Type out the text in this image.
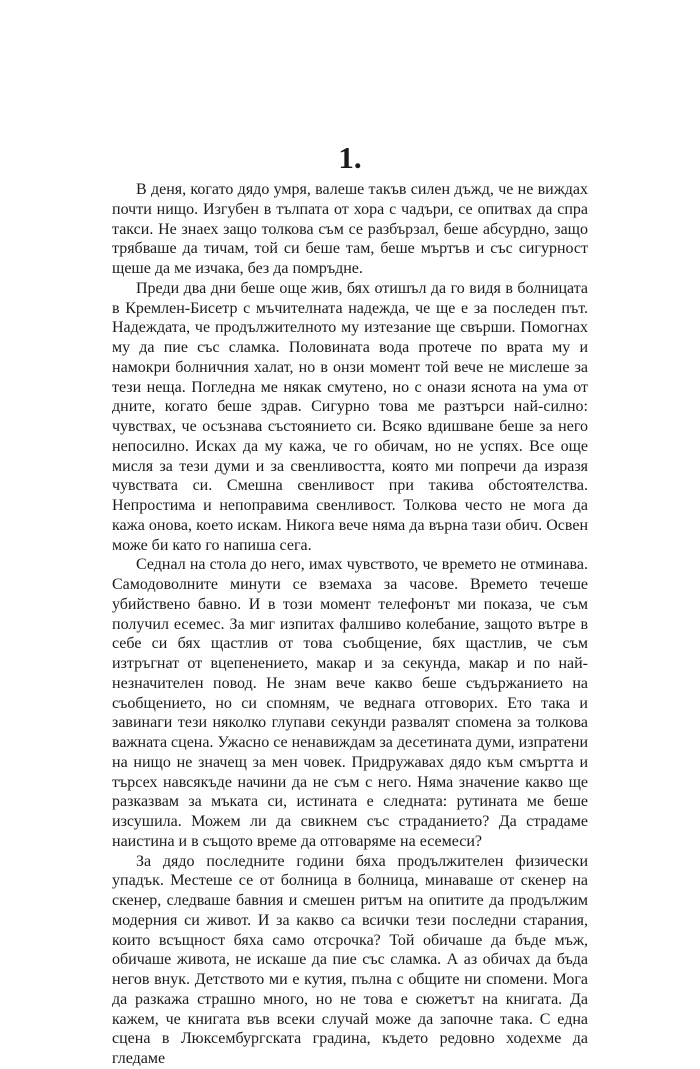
1.

В деня, когато дядо умря, валеше такъв силен дъжд, че не виждах почти нищо. Изгубен в тълпата от хора с чадъри, се опитвах да спра такси. Не знаех защо толкова съм се разбързал, беше абсурдно, защо трябваше да тичам, той си беше там, беше мъртъв и със сигурност щеше да ме изчака, без да помръдне.

Преди два дни беше още жив, бях отишъл да го видя в болницата в Кремлен-Бисетр с мъчителната надежда, че ще е за последен път. Надеждата, че продължителното му изтезание ще свърши. Помогнах му да пие със сламка. Половината вода протече по врата му и намокри болничния халат, но в онзи момент той вече не мислеше за тези неща. Погледна ме някак смутено, но с онази яснота на ума от дните, когато беше здрав. Сигурно това ме разтърси най-силно: чувствах, че осъзнава състоянието си. Всяко вдишване беше за него непосилно. Исках да му кажа, че го обичам, но не успях. Все още мисля за тези думи и за свенливостта, която ми попречи да изразя чувствата си. Смешна свенливост при такива обстоятелства. Непростима и непоправима свенливост. Толкова често не мога да кажа онова, което искам. Никога вече няма да върна тази обич. Освен може би като го напиша сега.

Седнал на стола до него, имах чувството, че времето не отминава. Самодоволните минути се вземаха за часове. Времето течеше убийствено бавно. И в този момент телефонът ми показа, че съм получил есемес. За миг изпитах фалшиво колебание, защото вътре в себе си бях щастлив от това съобщение, бях щастлив, че съм изтръгнат от вцепенението, макар и за секунда, макар и по най-незначителен повод. Не знам вече какво беше съдържанието на съобщението, но си спомням, че веднага отговорих. Ето така и завинаги тези няколко глупави секунди развалят спомена за толкова важната сцена. Ужасно се ненавиждам за десетината думи, изпратени на нищо не значещ за мен човек. Придружавах дядо към смъртта и търсех навсякъде начини да не съм с него. Няма значение какво ще разказвам за мъката си, истината е следната: рутината ме беше изсушила. Можем ли да свикнем със страданието? Да страдаме наистина и в същото време да отговаряме на есемеси?

За дядо последните години бяха продължителен физически упадък. Местеше се от болница в болница, минаваше от скенер на скенер, следваше бавния и смешен ритъм на опитите да продължим модерния си живот. И за какво са всички тези последни старания, които всъщност бяха само отсрочка? Той обичаше да бъде мъж, обичаше живота, не искаше да пие със сламка. А аз обичах да бъда негов внук. Детството ми е кутия, пълна с общите ни спомени. Мога да разкажа страшно много, но не това е сюжетът на книгата. Да кажем, че книгата във всеки случай може да започне така. С една сцена в Люксембургската градина, където редовно ходехме да гледаме
